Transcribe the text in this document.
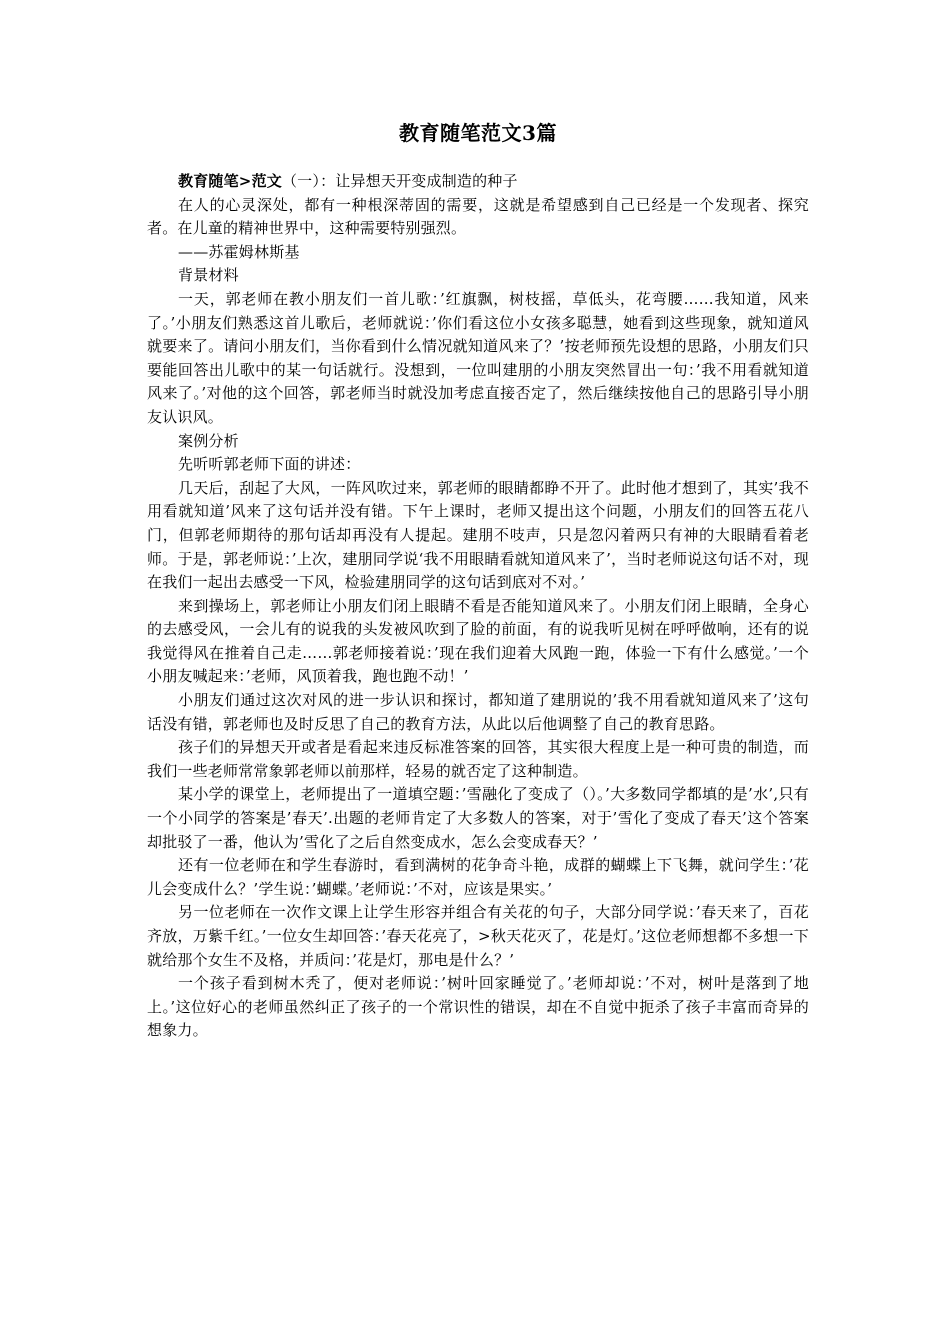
教育随笔范文3篇

教育随笔>范文（一）：让异想天开变成制造的种子

在人的心灵深处，都有一种根深蒂固的需要，这就是希望感到自己已经是一个发现者、探究者。在儿童的精神世界中，这种需要特别强烈。

——苏霍姆林斯基

背景材料

一天，郭老师在教小朋友们一首儿歌：’红旗飘，树枝摇，草低头，花弯腰……我知道，风来了。’小朋友们熟悉这首儿歌后，老师就说：’你们看这位小女孩多聪慧，她看到这些现象，就知道风就要来了。请问小朋友们，当你看到什么情况就知道风来了？’按老师预先设想的思路，小朋友们只要能回答出儿歌中的某一句话就行。没想到，一位叫建朋的小朋友突然冒出一句：’我不用看就知道风来了。’对他的这个回答，郭老师当时就没加考虑直接否定了，然后继续按他自己的思路引导小朋友认识风。

案例分析

先听听郭老师下面的讲述：

几天后，刮起了大风，一阵风吹过来，郭老师的眼睛都睁不开了。此时他才想到了，其实’我不用看就知道’风来了这句话并没有错。下午上课时，老师又提出这个问题，小朋友们的回答五花八门，但郭老师期待的那句话却再没有人提起。建朋不吱声，只是忽闪着两只有神的大眼睛看着老师。于是，郭老师说：’上次，建朋同学说‘我不用眼睛看就知道风来了’，当时老师说这句话不对，现在我们一起出去感受一下风，检验建朋同学的这句话到底对不对。’

来到操场上，郭老师让小朋友们闭上眼睛不看是否能知道风来了。小朋友们闭上眼睛，全身心的去感受风，一会儿有的说我的头发被风吹到了脸的前面，有的说我听见树在呼呼做响，还有的说我觉得风在推着自己走……郭老师接着说：’现在我们迎着大风跑一跑，体验一下有什么感觉。’一个小朋友喊起来：’老师，风顶着我，跑也跑不动！’

小朋友们通过这次对风的进一步认识和探讨，都知道了建朋说的’我不用看就知道风来了’这句话没有错，郭老师也及时反思了自己的教育方法，从此以后他调整了自己的教育思路。

孩子们的异想天开或者是看起来违反标准答案的回答，其实很大程度上是一种可贵的制造，而我们一些老师常常象郭老师以前那样，轻易的就否定了这种制造。

某小学的课堂上，老师提出了一道填空题：’雪融化了变成了（）。’大多数同学都填的是’水’,只有一个小同学的答案是’春天’.出题的老师肯定了大多数人的答案，对于’雪化了变成了春天’这个答案却批驳了一番，他认为’雪化了之后自然变成水，怎么会变成春天？’

还有一位老师在和学生春游时，看到满树的花争奇斗艳，成群的蝴蝶上下飞舞，就问学生：’花儿会变成什么？’学生说：’蝴蝶。’老师说：’不对，应该是果实。’

另一位老师在一次作文课上让学生形容并组合有关花的句子，大部分同学说：’春天来了，百花齐放，万紫千红。’一位女生却回答：’春天花亮了，>秋天花灭了，花是灯。’这位老师想都不多想一下就给那个女生不及格，并质问：’花是灯，那电是什么？’

一个孩子看到树木秃了，便对老师说：’树叶回家睡觉了。’老师却说：’不对，树叶是落到了地上。’这位好心的老师虽然纠正了孩子的一个常识性的错误，却在不自觉中扼杀了孩子丰富而奇异的想象力。
